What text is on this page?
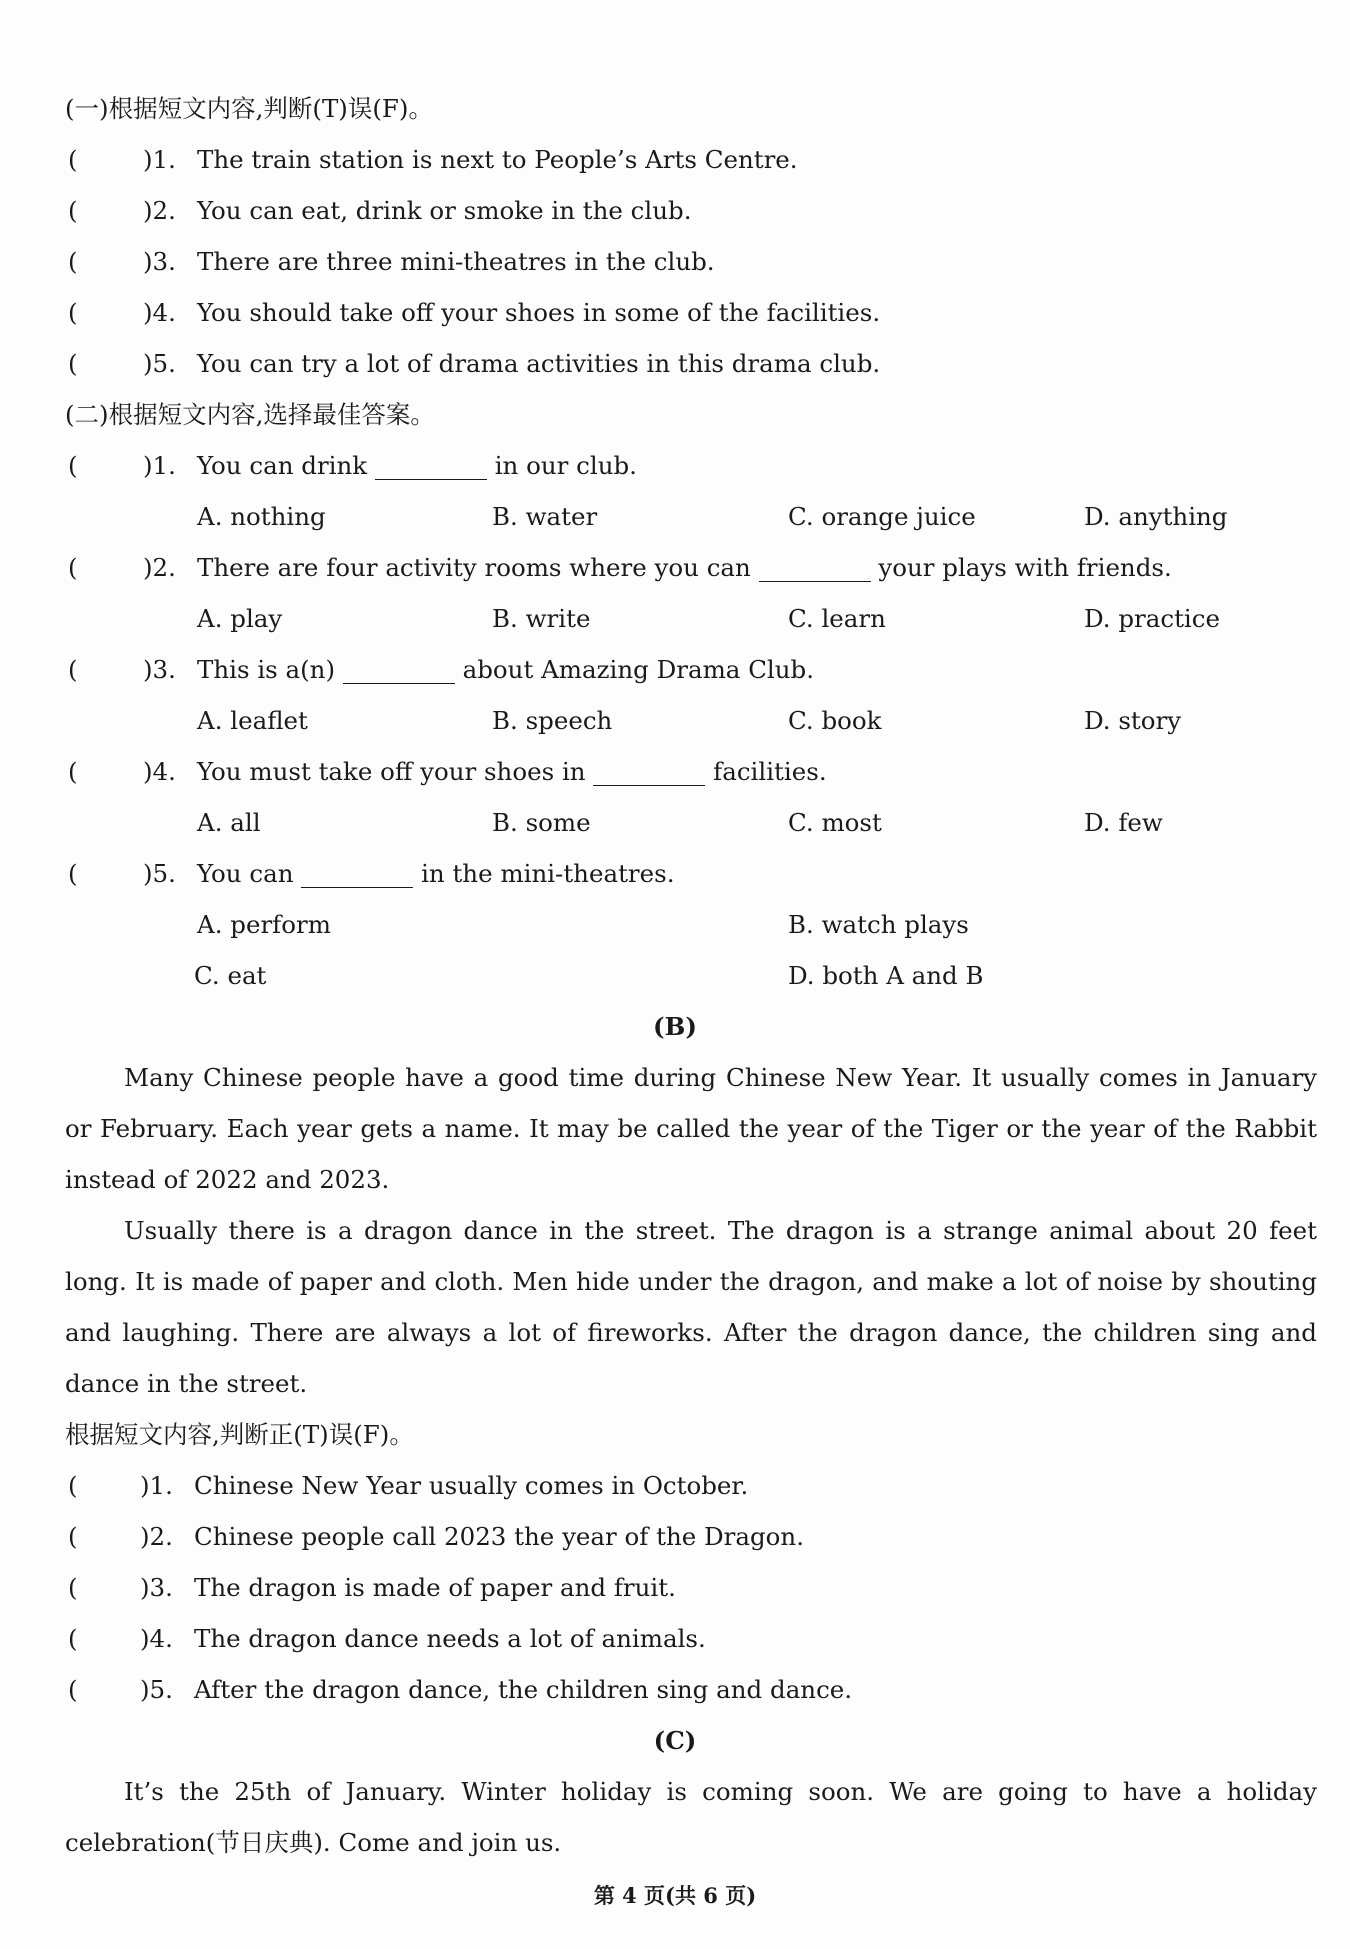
(一)根据短文内容,判断(T)误(F)。
(	)1. The train station is next to People’s Arts Centre.
(	)2. You can eat, drink or smoke in the club.
(	)3. There are three mini-theatres in the club.
(	)4. You should take off your shoes in some of the facilities.
(	)5. You can try a lot of drama activities in this drama club.
(二)根据短文内容,选择最佳答案。
(	)1. You can drink	in our club.
A. nothing	B. water	C. orange juice	D. anything
(	)2. There are four activity rooms where you can	your plays with friends.
A. play	B. write	C. learn	D. practice
(	)3. This is a(n)	about Amazing Drama Club.
A. leaflet	B. speech	C. book	D. story
(	)4. You must take off your shoes in	facilities.
A. all	B. some	C. most	D. few
(	)5. You can	in the mini-theatres.
A. perform	B. watch plays
C. eat	D. both A and B
(B)
Many Chinese people have a good time during Chinese New Year. It usually comes in January or February. Each year gets a name. It may be called the year of the Tiger or the year of the Rabbit instead of 2022 and 2023.
Usually there is a dragon dance in the street. The dragon is a strange animal about 20 feet long. It is made of paper and cloth. Men hide under the dragon, and make a lot of noise by shouting and laughing. There are always a lot of fireworks. After the dragon dance, the children sing and dance in the street.
根据短文内容,判断正(T)误(F)。
(	)1. Chinese New Year usually comes in October.
(	)2. Chinese people call 2023 the year of the Dragon.
(	)3. The dragon is made of paper and fruit.
(	)4. The dragon dance needs a lot of animals.
(	)5. After the dragon dance, the children sing and dance.
(C)
It’s the 25th of January. Winter holiday is coming soon. We are going to have a holiday celebration(节日庆典). Come and join us.
第 4 页(共 6 页)
